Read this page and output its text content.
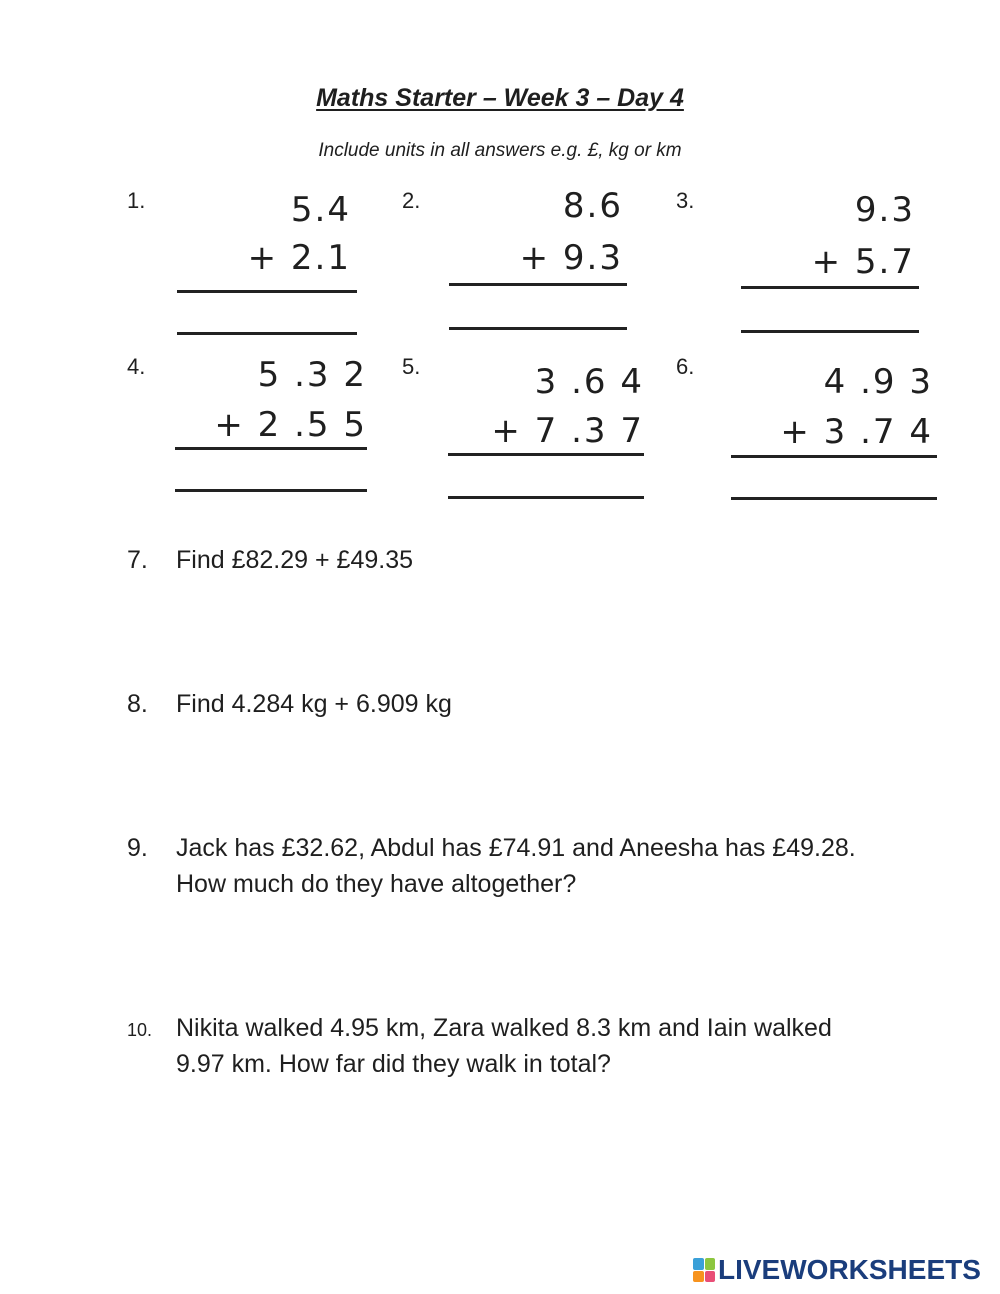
Maths Starter – Week 3 – Day 4
Include units in all answers e.g. £, kg or km
1.	5.4
+ 2.1
2.	8.6
+ 9.3
3.	9.3
+ 5.7
4.	5 .3 2
+ 2 .5 5
5.	3 .6 4
+ 7 .3 7
6.	4 .9 3
+ 3 .7 4
7. Find £82.29 + £49.35
8. Find 4.284 kg + 6.909 kg
9. Jack has £32.62, Abdul has £74.91 and Aneesha has £49.28.
How much do they have altogether?
10. Nikita walked 4.95 km, Zara walked 8.3 km and Iain walked
9.97 km. How far did they walk in total?
LIVEWORKSHEETS
